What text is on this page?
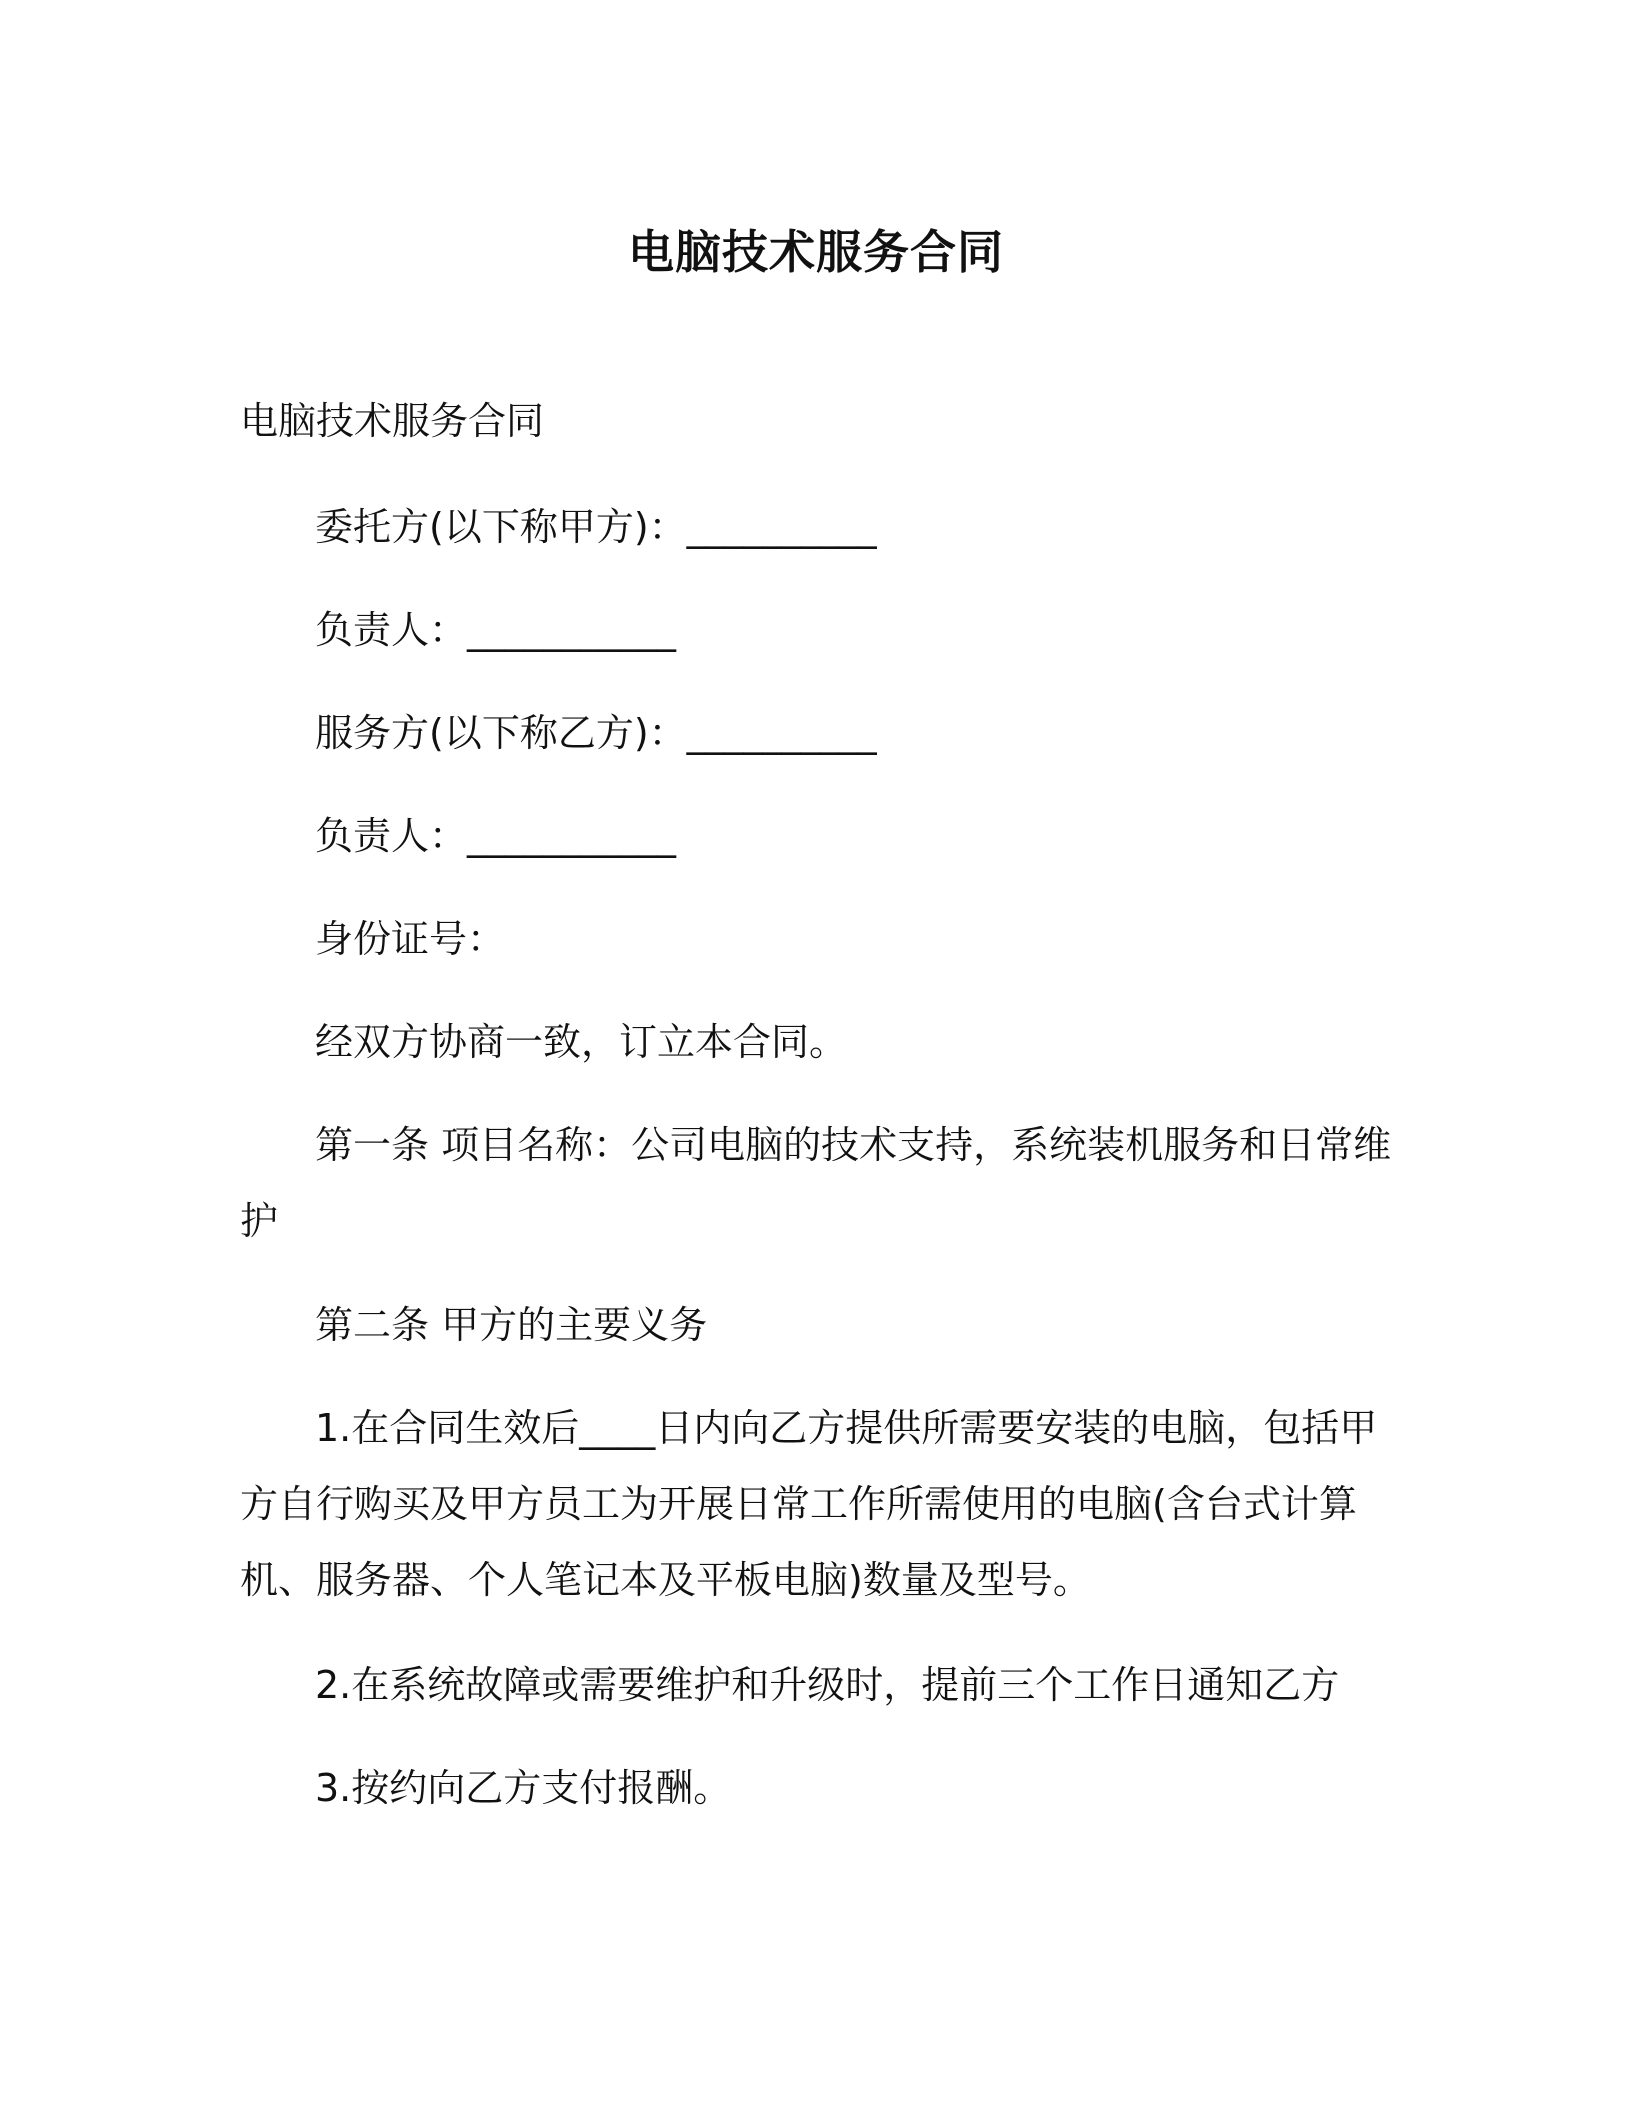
电脑技术服务合同

电脑技术服务合同

委托方(以下称甲方)：__________

负责人：___________

服务方(以下称乙方)：__________

负责人：___________

身份证号：

经双方协商一致，订立本合同。

第一条 项目名称：公司电脑的技术支持，系统装机服务和日常维护

第二条 甲方的主要义务

1.在合同生效后____日内向乙方提供所需要安装的电脑，包括甲方自行购买及甲方员工为开展日常工作所需使用的电脑(含台式计算机、服务器、个人笔记本及平板电脑)数量及型号。

2.在系统故障或需要维护和升级时，提前三个工作日通知乙方

3.按约向乙方支付报酬。
